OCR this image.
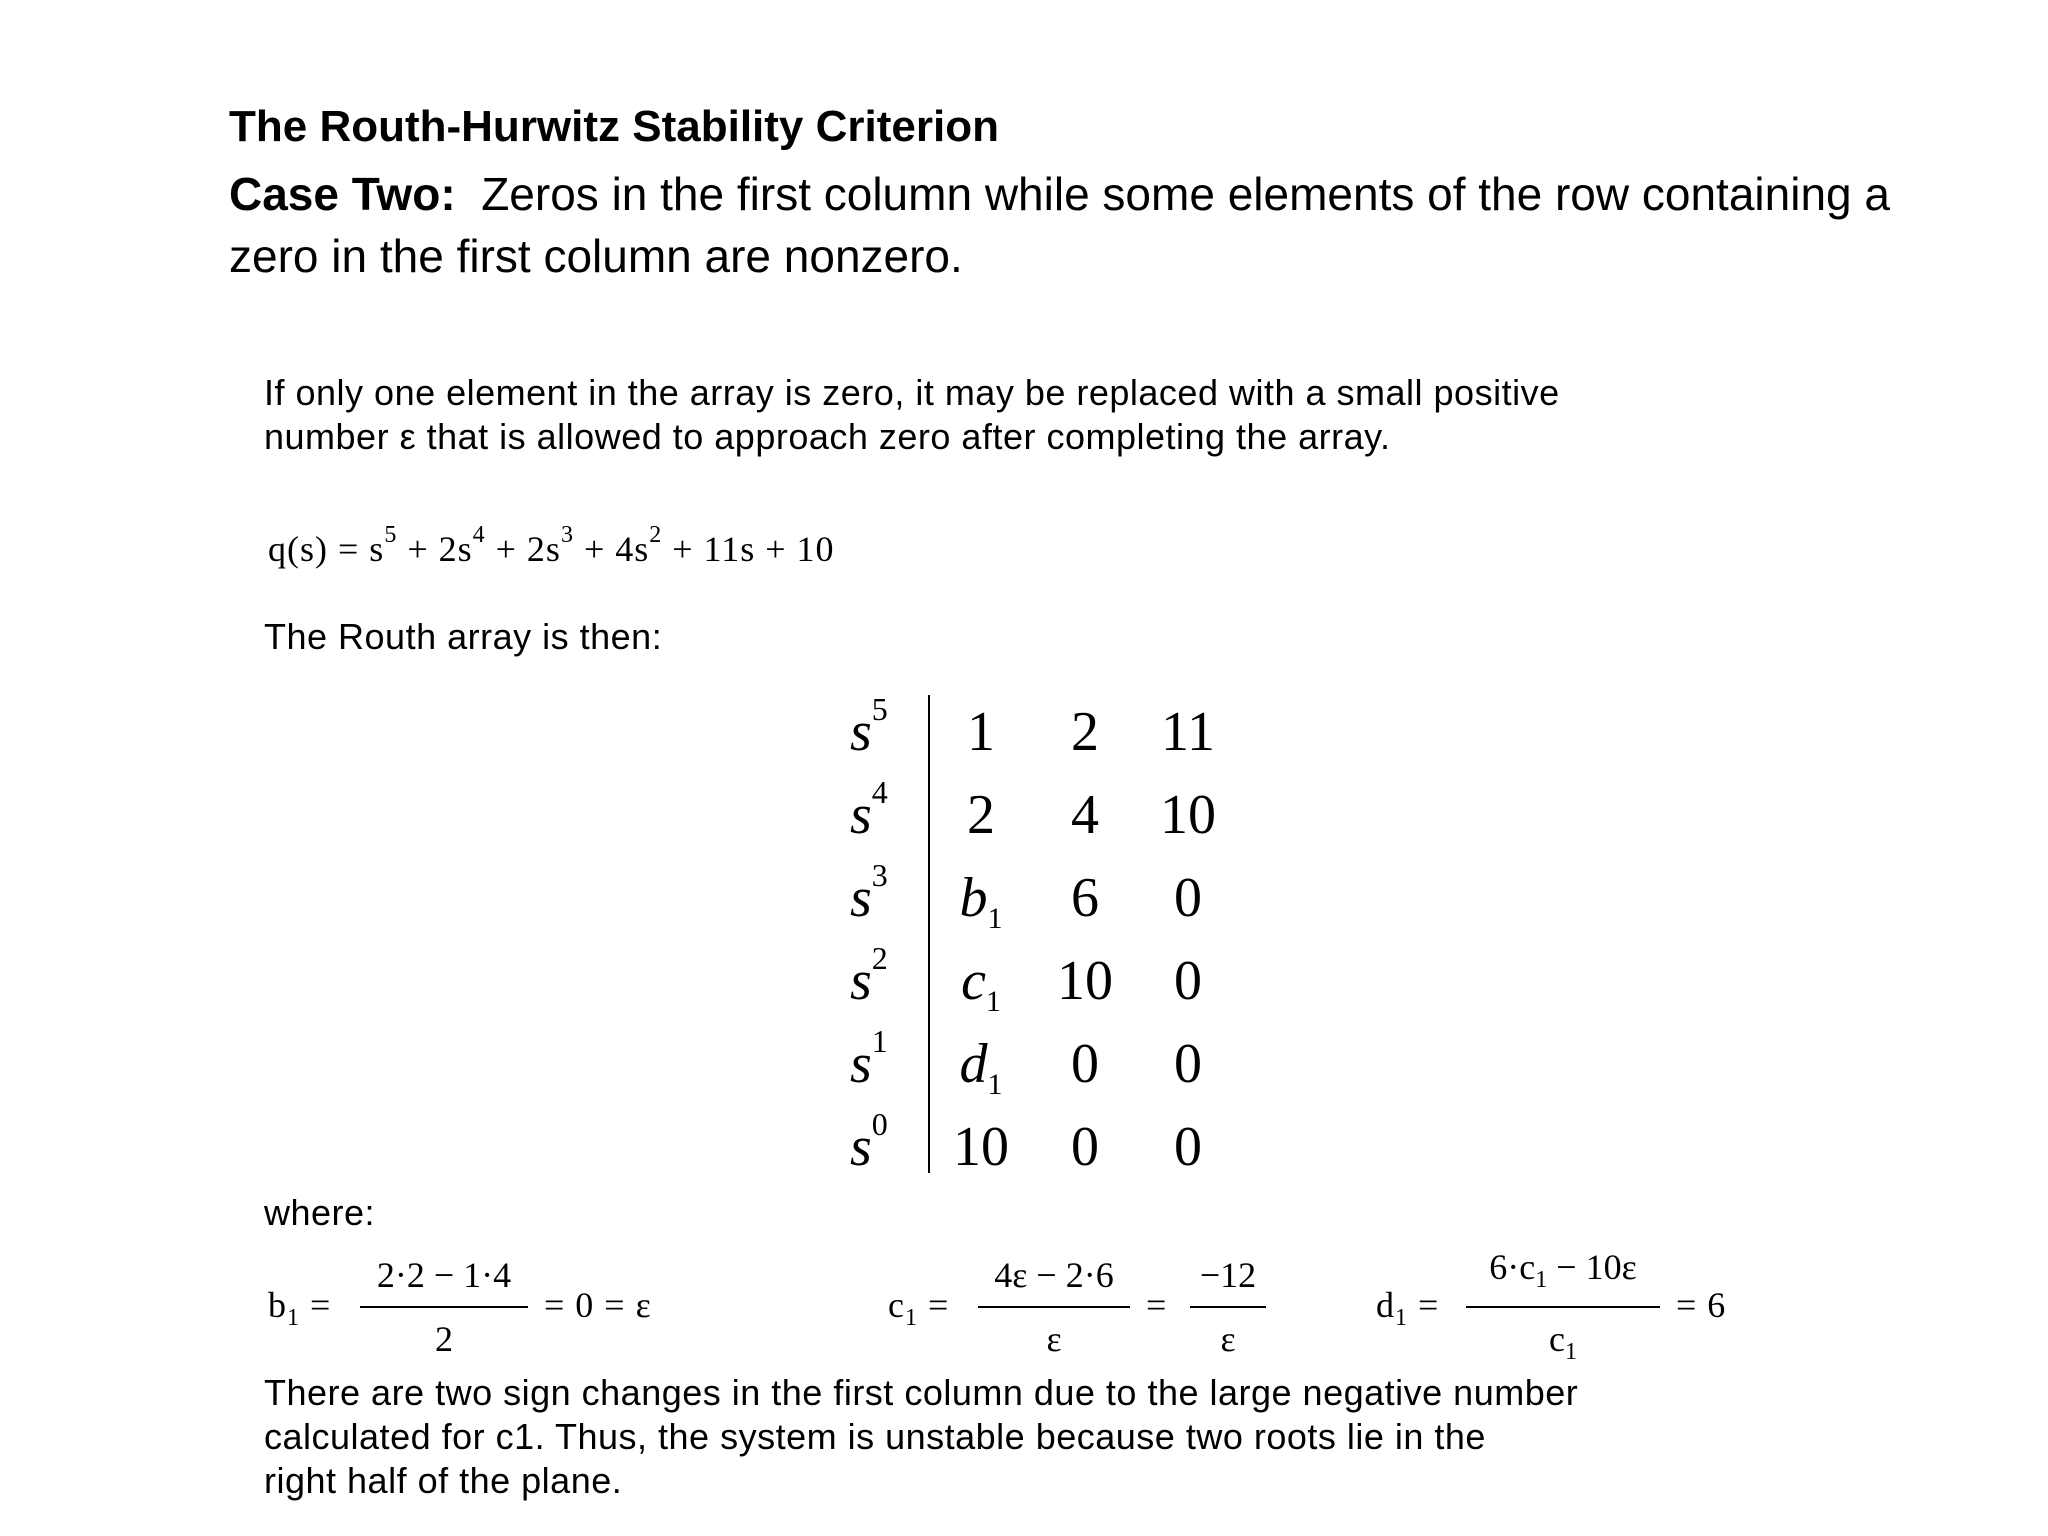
The Routh-Hurwitz Stability Criterion
Case Two: Zeros in the first column while some elements of the row containing a zero in the first column are nonzero.
If only one element in the array is zero, it may be replaced with a small positive
number ε that is allowed to approach zero after completing the array.
$q(s) = s^5 + 2s^4 + 2s^3 + 4s^2 + 11s + 10$
The Routh array is then:
$s^5$	1	2	11
$s^4$	2	4	10
$s^3$	$b_1$	6	0
$s^2$	$c_1$	10	0
$s^1$	$d_1$	0	0
$s^0$	10	0	0
where:
$b_1$ =
2·2 − 1·4
2
= 0 = ε	$c_1$ =
4ε − 2·6
ε
=
−12
ε
$d_1$ =
$6\cdot c_1 - 10\varepsilon$
$c_1$
= 6
There are two sign changes in the first column due to the large negative number
calculated for c1. Thus, the system is unstable because two roots lie in the
right half of the plane.
